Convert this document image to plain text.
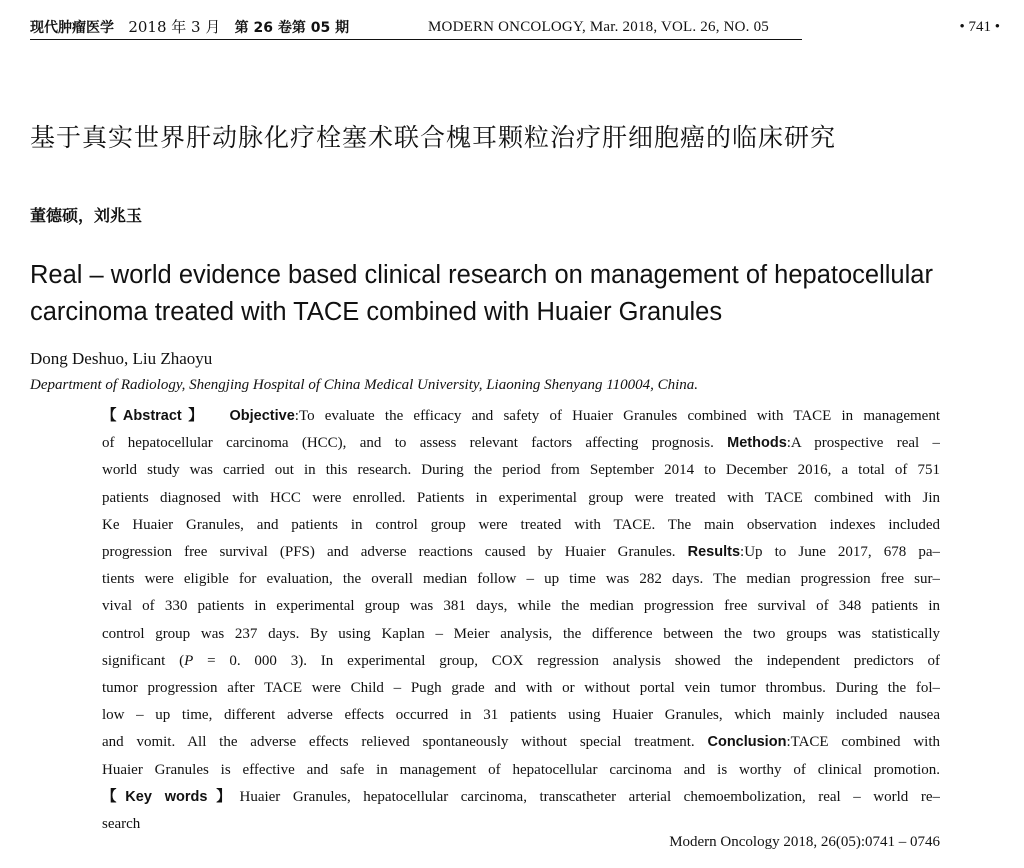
现代肿瘤医学 2018 年 3 月 第 26 卷第 05 期	MODERN ONCOLOGY, Mar. 2018, VOL. 26, NO. 05	• 741 •
基于真实世界肝动脉化疗栓塞术联合槐耳颗粒治疗肝细胞癌的临床研究
董德硕，刘兆玉
Real – world evidence based clinical research on management of hepatocellular
carcinoma treated with TACE combined with Huaier Granules
Dong Deshuo, Liu Zhaoyu
Department of Radiology, Shengjing Hospital of China Medical University, Liaoning Shenyang 110004, China.
【Abstract】 Objective:To evaluate the efficacy and safety of Huaier Granules combined with TACE in management
of hepatocellular carcinoma (HCC), and to assess relevant factors affecting prognosis. Methods:A prospective real –
world study was carried out in this research. During the period from September 2014 to December 2016, a total of 751
patients diagnosed with HCC were enrolled. Patients in experimental group were treated with TACE combined with Jin
Ke Huaier Granules, and patients in control group were treated with TACE. The main observation indexes included
progression free survival (PFS) and adverse reactions caused by Huaier Granules. Results:Up to June 2017, 678 pa–
tients were eligible for evaluation, the overall median follow – up time was 282 days. The median progression free sur–
vival of 330 patients in experimental group was 381 days, while the median progression free survival of 348 patients in
control group was 237 days. By using Kaplan – Meier analysis, the difference between the two groups was statistically
significant (P = 0. 000 3). In experimental group, COX regression analysis showed the independent predictors of
tumor progression after TACE were Child – Pugh grade and with or without portal vein tumor thrombus. During the fol–
low – up time, different adverse effects occurred in 31 patients using Huaier Granules, which mainly included nausea
and vomit. All the adverse effects relieved spontaneously without special treatment. Conclusion:TACE combined with
Huaier Granules is effective and safe in management of hepatocellular carcinoma and is worthy of clinical promotion.
【Key words】Huaier Granules, hepatocellular carcinoma, transcatheter arterial chemoembolization, real – world re–
search
Modern Oncology 2018, 26(05):0741 – 0746
